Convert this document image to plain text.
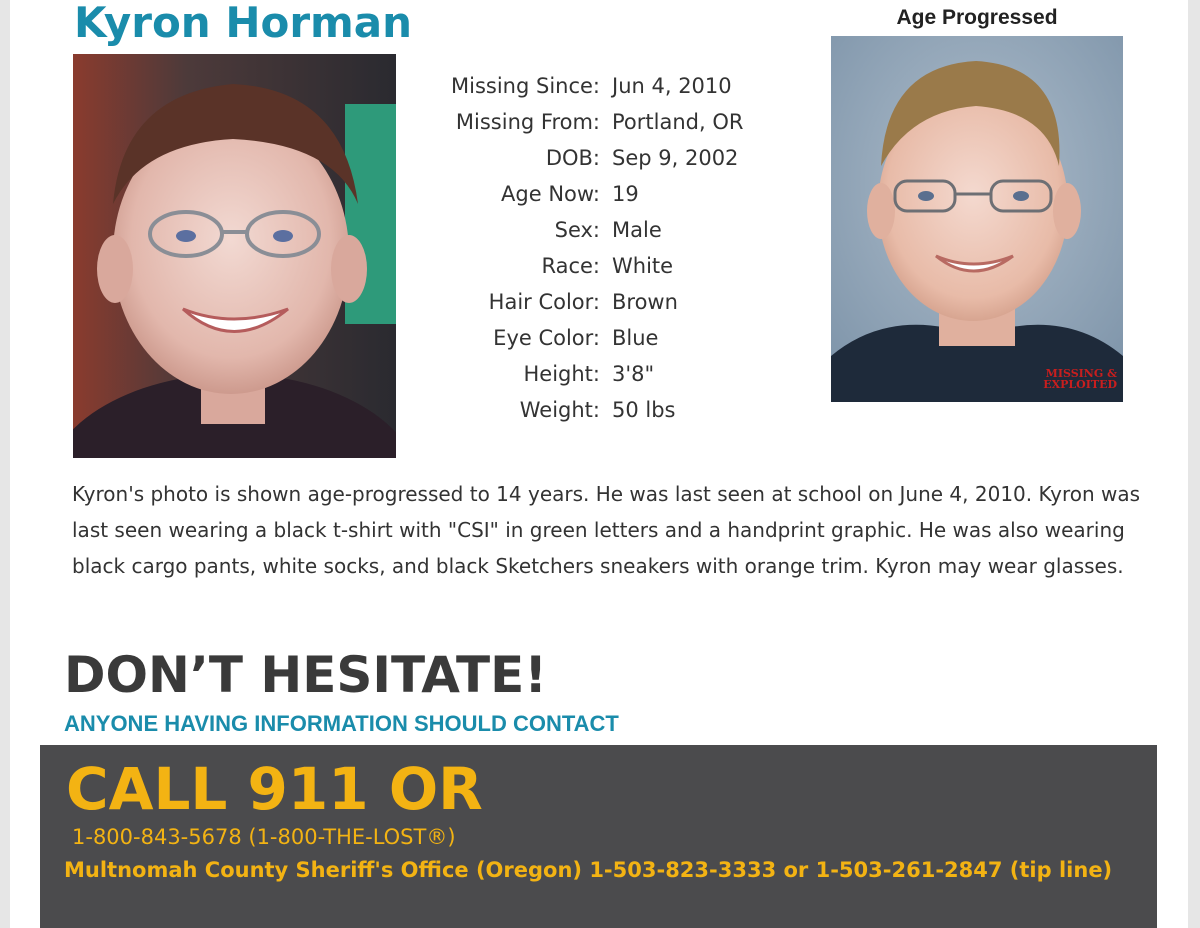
Kyron Horman
Missing Since: Jun 4, 2010
Missing From: Portland, OR
DOB: Sep 9, 2002
Age Now: 19
Sex: Male
Race: White
Hair Color: Brown
Eye Color: Blue
Height: 3'8"
Weight: 50 lbs
Age Progressed
MISSING &
EXPLOITED
Kyron's photo is shown age-progressed to 14 years. He was last seen at school on June 4, 2010. Kyron was last seen wearing a black t-shirt with "CSI" in green letters and a handprint graphic. He was also wearing black cargo pants, white socks, and black Sketchers sneakers with orange trim. Kyron may wear glasses.
DON’T HESITATE!
ANYONE HAVING INFORMATION SHOULD CONTACT
CALL 911 OR
1-800-843-5678 (1-800-THE-LOST®)
Multnomah County Sheriff's Office (Oregon) 1-503-823-3333 or 1-503-261-2847 (tip line)
